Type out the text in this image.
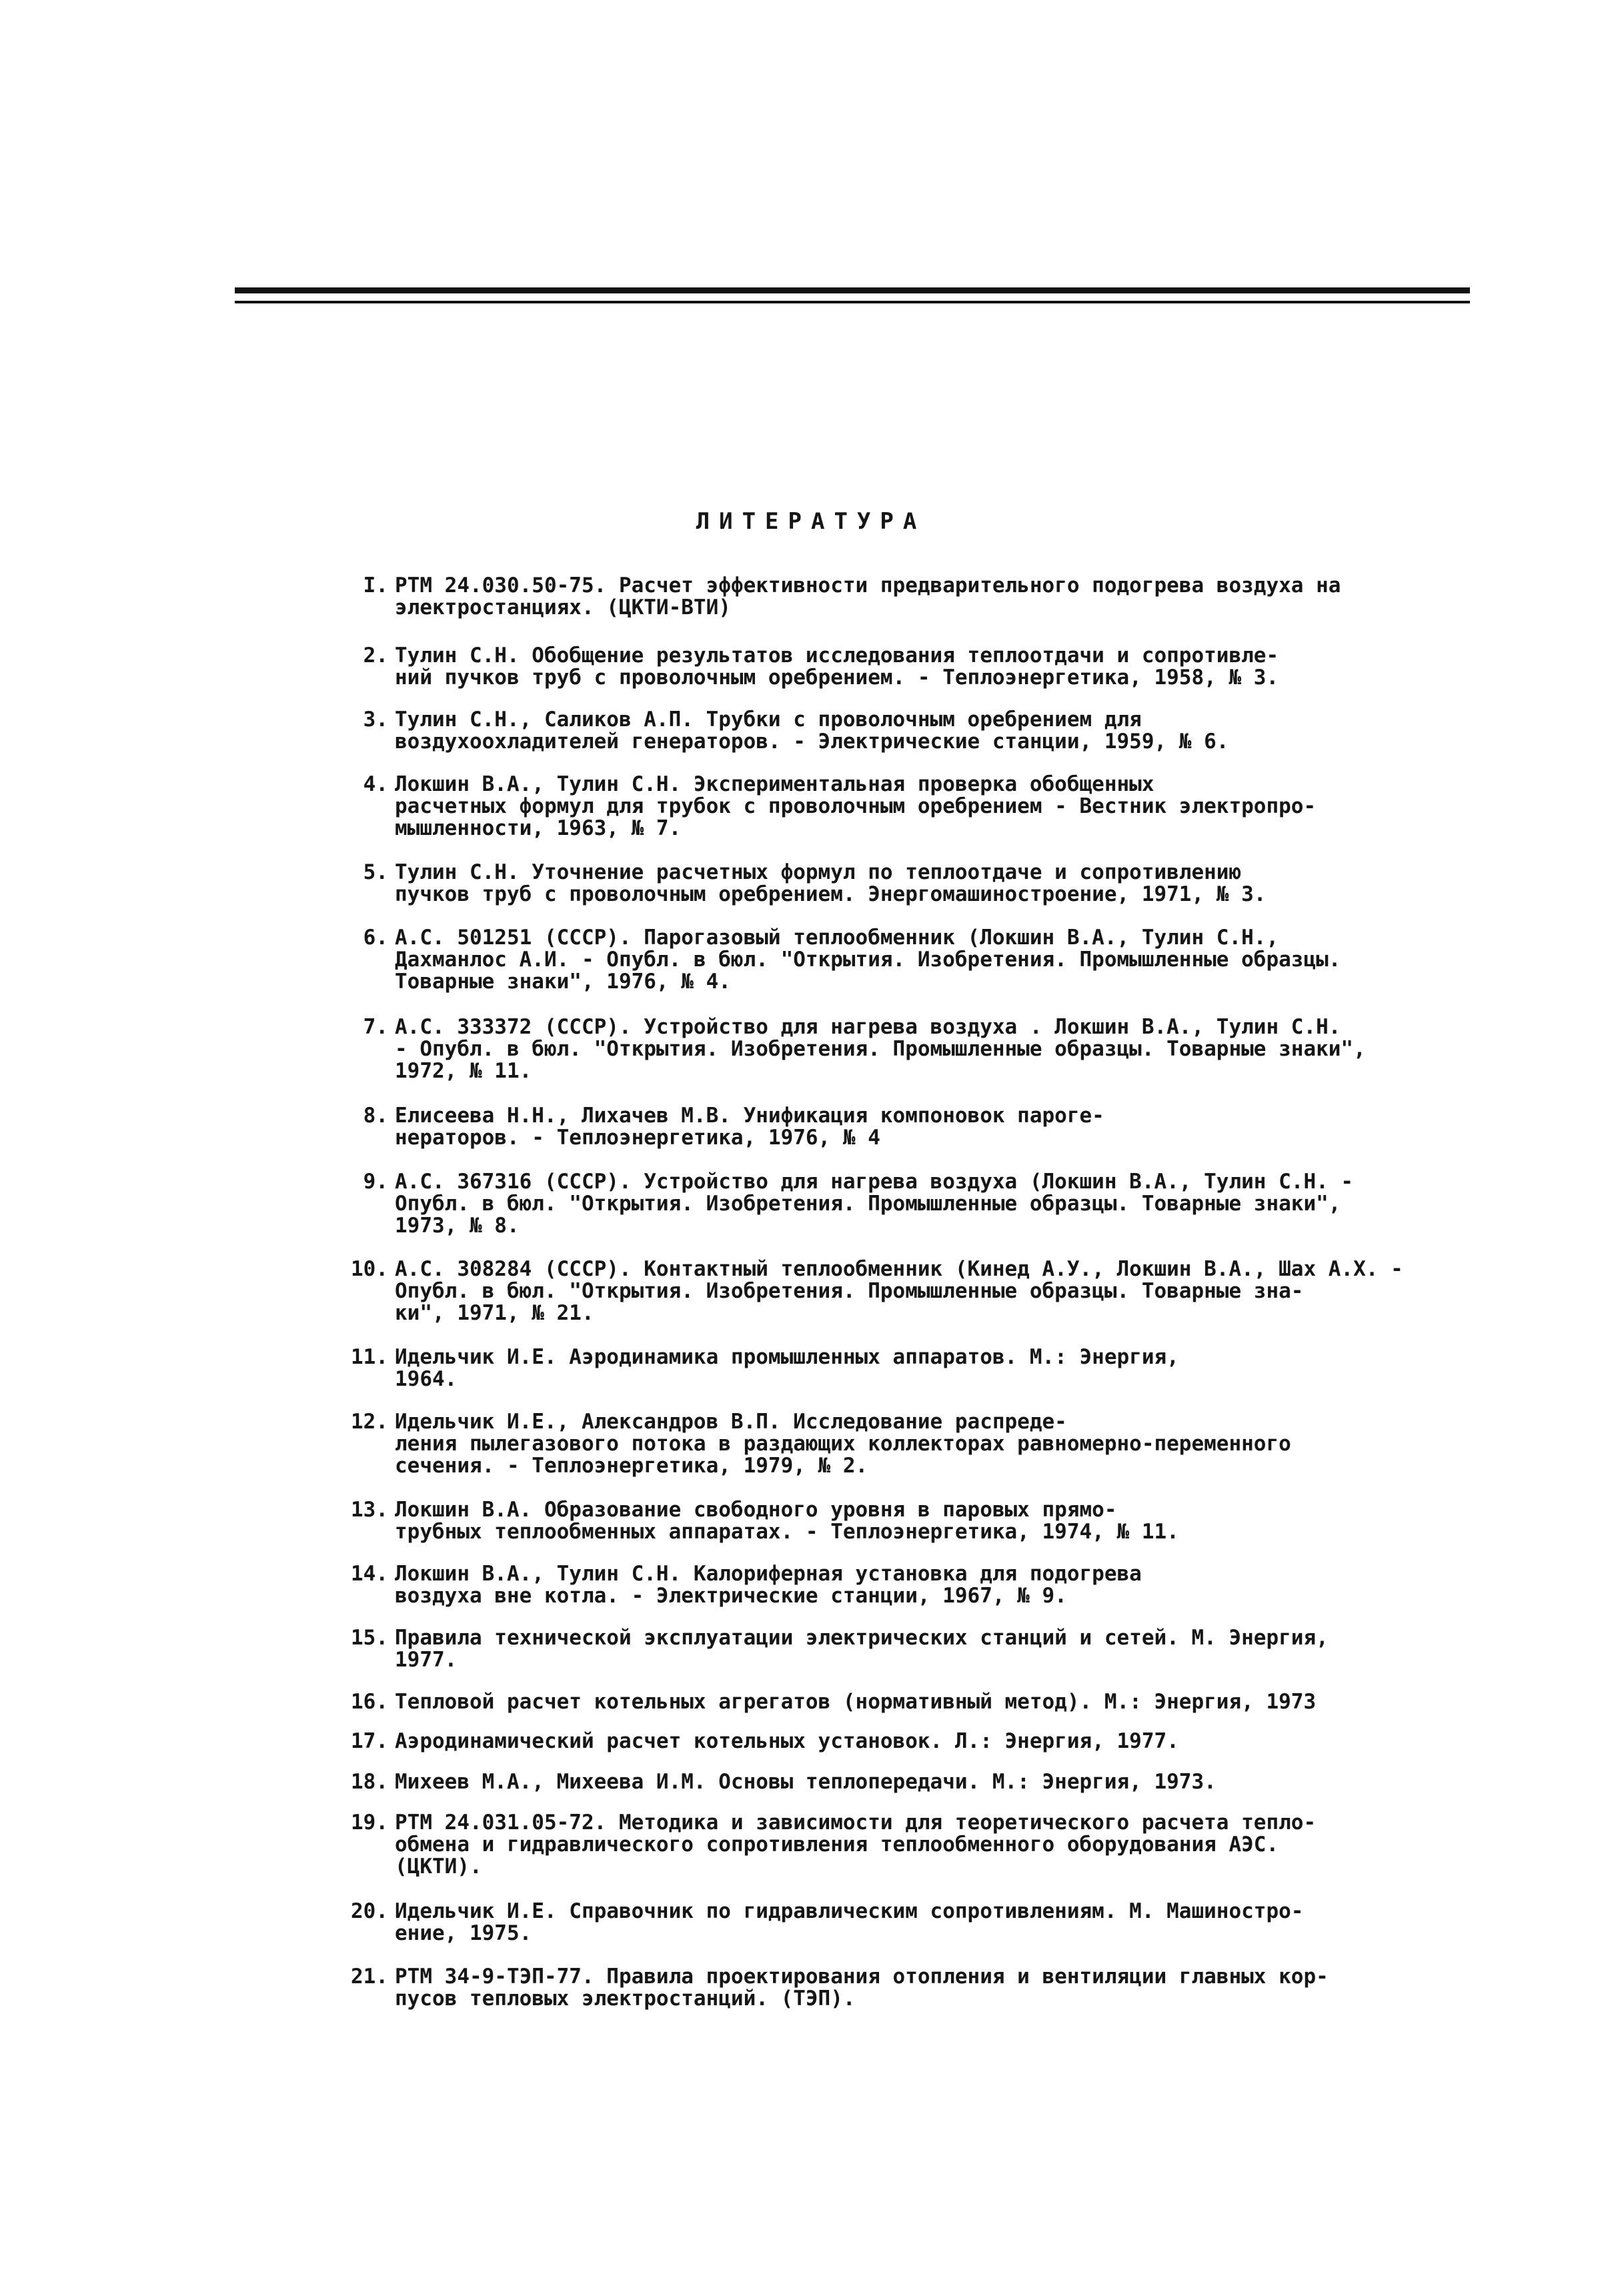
ЛИТЕРАТУРА
I. РТМ 24.030.50-75. Расчет эффективности предварительного подогрева воздуха на
электростанциях. (ЦКТИ-ВТИ)
2. Тулин С.Н. Обобщение результатов исследования теплоотдачи и сопротивле-
ний пучков труб с проволочным оребрением. - Теплоэнергетика, 1958, № 3.
3. Тулин С.Н., Саликов А.П. Трубки с проволочным оребрением для
воздухоохладителей генераторов. - Электрические станции, 1959, № 6.
4. Локшин В.А., Тулин С.Н. Экспериментальная проверка обобщенных
расчетных формул для трубок с проволочным оребрением - Вестник электропро-
мышленности, 1963, № 7.
5. Тулин С.Н. Уточнение расчетных формул по теплоотдаче и сопротивлению
пучков труб с проволочным оребрением. Энергомашиностроение, 1971, № 3.
6. А.С. 501251 (СССР). Парогазовый теплообменник (Локшин В.А., Тулин С.Н.,
Дахманлос А.И. - Опубл. в бюл. "Открытия. Изобретения. Промышленные образцы.
Товарные знаки", 1976, № 4.
7. А.С. 333372 (СССР). Устройство для нагрева воздуха . Локшин В.А., Тулин С.Н.
- Опубл. в бюл. "Открытия. Изобретения. Промышленные образцы. Товарные знаки",
1972, № 11.
8. Елисеева Н.Н., Лихачев М.В. Унификация компоновок парогe-
нераторов. - Теплоэнергетика, 1976, № 4
9. А.С. 367316 (СССР). Устройство для нагрева воздуха (Локшин В.А., Тулин С.Н. -
Опубл. в бюл. "Открытия. Изобретения. Промышленные образцы. Товарные знаки",
1973, № 8.
10. А.С. 308284 (СССР). Контактный теплообменник (Кинед А.У., Локшин В.А., Шах А.Х. -
Опубл. в бюл. "Открытия. Изобретения. Промышленные образцы. Товарные зна-
ки", 1971, № 21.
11. Идельчик И.Е. Аэродинамика промышленных аппаратов. М.: Энергия,
1964.
12. Идельчик И.Е., Александров В.П. Исследование распреде-
ления пылегазового потока в раздающих коллекторах равномерно-переменного
сечения. - Теплоэнергетика, 1979, № 2.
13. Локшин В.А. Образование свободного уровня в паровых прямо-
трубных теплообменных аппаратах. - Теплоэнергетика, 1974, № 11.
14. Локшин В.А., Тулин С.Н. Калориферная установка для подогрева
воздуха вне котла. - Электрические станции, 1967, № 9.
15. Правила технической эксплуатации электрических станций и сетей. М. Энергия,
1977.
16. Тепловой расчет котельных агрегатов (нормативный метод). М.: Энергия, 1973
17. Аэродинамический расчет котельных установок. Л.: Энергия, 1977.
18. Михеев М.А., Михеева И.М. Основы теплопередачи. М.: Энергия, 1973.
19. РТМ 24.031.05-72. Методика и зависимости для теоретического расчета тепло-
обмена и гидравлического сопротивления теплообменного оборудования АЭС.
(ЦКТИ).
20. Идельчик И.Е. Справочник по гидравлическим сопротивлениям. М. Машиностро-
ение, 1975.
21. РТМ 34-9-ТЭП-77. Правила проектирования отопления и вентиляции главных кор-
пусов тепловых электростанций. (ТЭП).
